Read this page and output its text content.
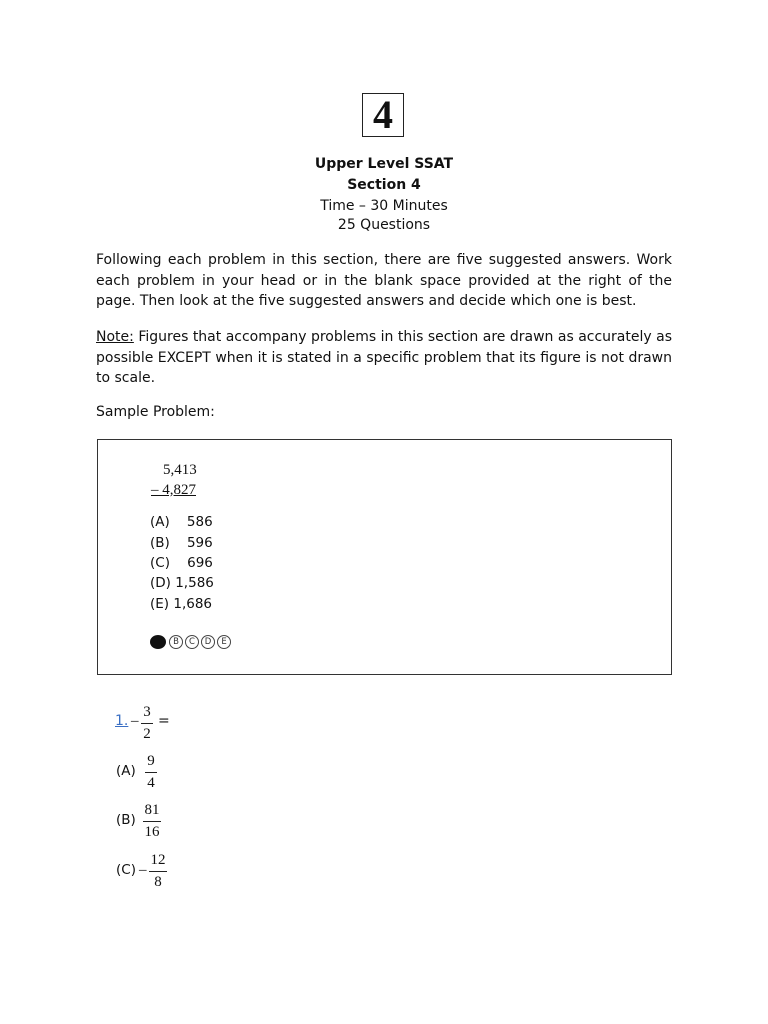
4
Upper Level SSAT
Section 4
Time – 30 Minutes
25 Questions
Following each problem in this section, there are five suggested answers. Work each problem in your head or in the blank space provided at the right of the page. Then look at the five suggested answers and decide which one is best.
Note: Figures that accompany problems in this section are drawn as accurately as possible EXCEPT when it is stated in a specific problem that its figure is not drawn to scale.
Sample Problem:
5,413
– 4,827
(A)    586
(B)    596
(C)    696
(D) 1,586
(E) 1,686
B	C	D	E
1. –
3
2
=
(A)
9
4
(B)
81
16
(C) –
12
8
